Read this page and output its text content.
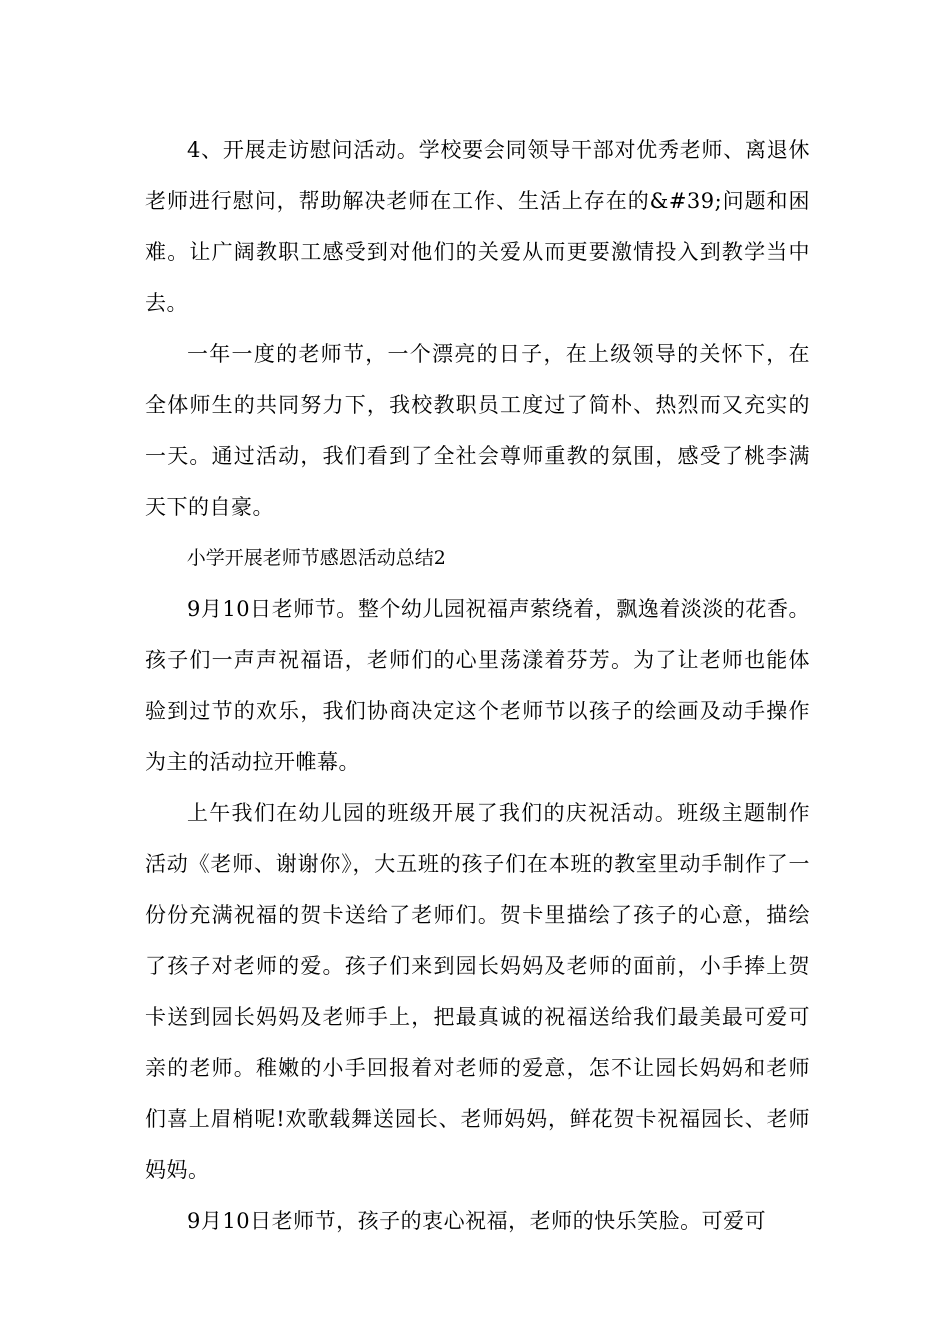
4、开展走访慰问活动。学校要会同领导干部对优秀老师、离退休老师进行慰问，帮助解决老师在工作、生活上存在的&#39;问题和困难。让广阔教职工感受到对他们的关爱从而更要激情投入到教学当中去。

一年一度的老师节，一个漂亮的日子，在上级领导的关怀下，在全体师生的共同努力下，我校教职员工度过了简朴、热烈而又充实的一天。通过活动，我们看到了全社会尊师重教的氛围，感受了桃李满天下的自豪。

小学开展老师节感恩活动总结2

9月10日老师节。整个幼儿园祝福声萦绕着，飘逸着淡淡的花香。孩子们一声声祝福语，老师们的心里荡漾着芬芳。为了让老师也能体验到过节的欢乐，我们协商决定这个老师节以孩子的绘画及动手操作为主的活动拉开帷幕。

上午我们在幼儿园的班级开展了我们的庆祝活动。班级主题制作活动《老师、谢谢你》，大五班的孩子们在本班的教室里动手制作了一份份充满祝福的贺卡送给了老师们。贺卡里描绘了孩子的心意，描绘了孩子对老师的爱。孩子们来到园长妈妈及老师的面前，小手捧上贺卡送到园长妈妈及老师手上，把最真诚的祝福送给我们最美最可爱可亲的老师。稚嫩的小手回报着对老师的爱意，怎不让园长妈妈和老师们喜上眉梢呢!欢歌载舞送园长、老师妈妈，鲜花贺卡祝福园长、老师妈妈。

9月10日老师节，孩子的衷心祝福，老师的快乐笑脸。可爱可
